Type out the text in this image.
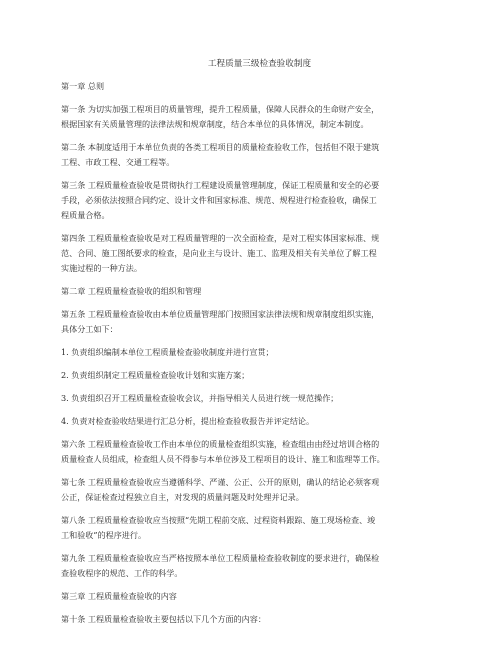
工程质量三级检查验收制度
第一章 总则
第一条 为切实加强工程项目的质量管理，提升工程质量，保障人民群众的生命财产安全，
根据国家有关质量管理的法律法规和规章制度，结合本单位的具体情况，制定本制度。
第二条 本制度适用于本单位负责的各类工程项目的质量检查验收工作，包括但不限于建筑
工程、市政工程、交通工程等。
第三条 工程质量检查验收是贯彻执行工程建设质量管理制度，保证工程质量和安全的必要
手段，必须依法按照合同约定、设计文件和国家标准、规范、规程进行检查验收，确保工
程质量合格。
第四条 工程质量检查验收是对工程质量管理的一次全面检查，是对工程实体国家标准、规
范、合同、施工图纸要求的检查，是向业主与设计、施工、监理及相关有关单位了解工程
实施过程的一种方法。
第二章 工程质量检查验收的组织和管理
第五条 工程质量检查验收由本单位质量管理部门按照国家法律法规和规章制度组织实施，
具体分工如下：
1. 负责组织编制本单位工程质量检查验收制度并进行宣贯；
2. 负责组织制定工程质量检查验收计划和实施方案；
3. 负责组织召开工程质量检查验收会议，并指导相关人员进行统一规范操作；
4. 负责对检查验收结果进行汇总分析，提出检查验收报告并评定结论。
第六条 工程质量检查验收工作由本单位的质量检查组织实施，检查组由由经过培训合格的
质量检查人员组成，检查组人员不得参与本单位涉及工程项目的设计、施工和监理等工作。
第七条 工程质量检查验收应当遵循科学、严谨、公正、公开的原则，确认的结论必须客观
公正，保证检查过程独立自主，对发现的质量问题及时处理并记录。
第八条 工程质量检查验收应当按照“先期工程前交底、过程资料跟踪、施工现场检查、竣
工和验收”的程序进行。
第九条 工程质量检查验收应当严格按照本单位工程质量检查验收制度的要求进行，确保检
查验收程序的规范、工作的科学。
第三章 工程质量检查验收的内容
第十条 工程质量检查验收主要包括以下几个方面的内容：
